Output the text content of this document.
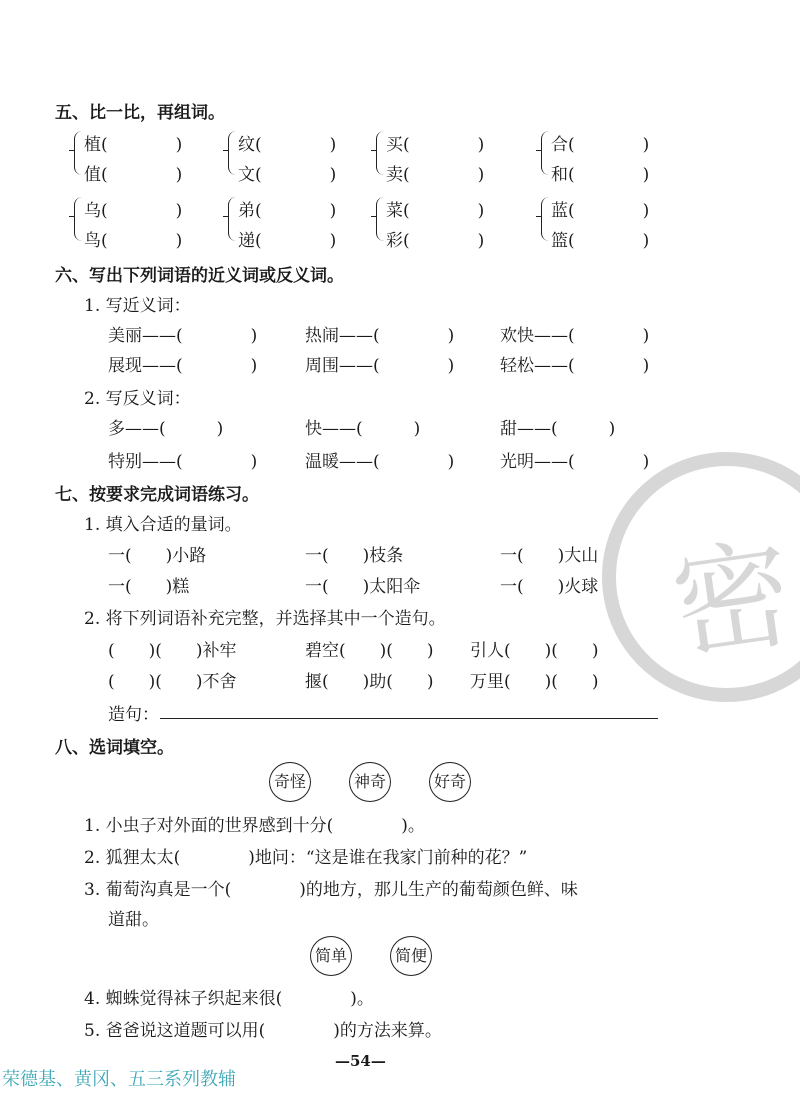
五、比一比，再组词。
植(　　　　)
值(　　　　)
纹(　　　　)
文(　　　　)
买(　　　　)
卖(　　　　)
合(　　　　)
和(　　　　)
乌(　　　　)
鸟(　　　　)
弟(　　　　)
递(　　　　)
菜(　　　　)
彩(　　　　)
蓝(　　　　)
篮(　　　　)
六、写出下列词语的近义词或反义词。
1. 写近义词：
美丽——(　　　　)	热闹——(　　　　)	欢快——(　　　　)
展现——(　　　　)	周围——(　　　　)	轻松——(　　　　)
2. 写反义词：
多——(　　　)	快——(　　　)	甜——(　　　)
特别——(　　　　)	温暖——(　　　　)	光明——(　　　　)
密
七、按要求完成词语练习。
1. 填入合适的量词。
一(　　)小路	一(　　)枝条	一(　　)大山
一(　　)糕	一(　　)太阳伞	一(　　)火球
2. 将下列词语补充完整，并选择其中一个造句。
(　　)(　　)补牢	碧空(　　)(　　) 引人(　　)(　　)
(　　)(　　)不舍	揠(　　)助(　　) 万里(　　)(　　)
造句：
八、选词填空。
奇怪	神奇	好奇
1. 小虫子对外面的世界感到十分(　　　　)。
2. 狐狸太太(　　　　)地问：“这是谁在我家门前种的花？”
3. 葡萄沟真是一个(　　　　)的地方，那儿生产的葡萄颜色鲜、味
道甜。
简单	简便
4. 蜘蛛觉得袜子织起来很(　　　　)。
5. 爸爸说这道题可以用(　　　　)的方法来算。
—54—
荣德基、黄冈、五三系列教辅
